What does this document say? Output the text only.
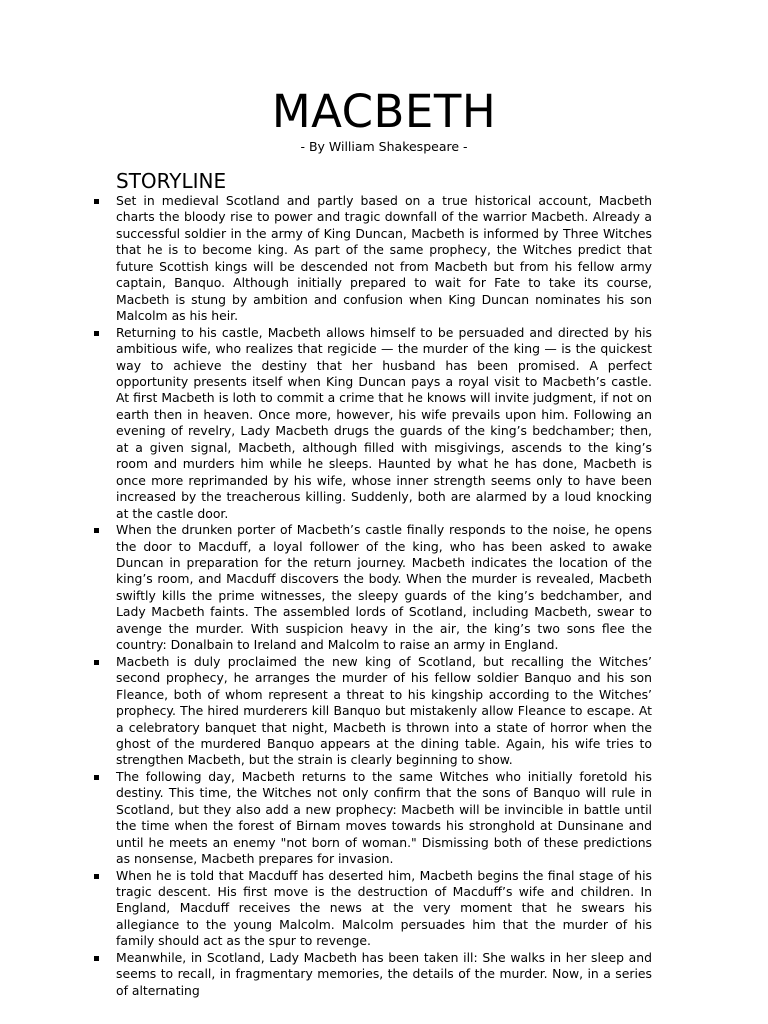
MACBETH

- By William Shakespeare -

STORYLINE
Set in medieval Scotland and partly based on a true historical account, Macbeth charts the bloody rise to power and tragic downfall of the warrior Macbeth. Already a successful soldier in the army of King Duncan, Macbeth is informed by Three Witches that he is to become king. As part of the same prophecy, the Witches predict that future Scottish kings will be descended not from Macbeth but from his fellow army captain, Banquo. Although initially prepared to wait for Fate to take its course, Macbeth is stung by ambition and confusion when King Duncan nominates his son Malcolm as his heir.
Returning to his castle, Macbeth allows himself to be persuaded and directed by his ambitious wife, who realizes that regicide — the murder of the king — is the quickest way to achieve the destiny that her husband has been promised. A perfect opportunity presents itself when King Duncan pays a royal visit to Macbeth’s castle. At first Macbeth is loth to commit a crime that he knows will invite judgment, if not on earth then in heaven. Once more, however, his wife prevails upon him. Following an evening of revelry, Lady Macbeth drugs the guards of the king’s bedchamber; then, at a given signal, Macbeth, although filled with misgivings, ascends to the king’s room and murders him while he sleeps. Haunted by what he has done, Macbeth is once more reprimanded by his wife, whose inner strength seems only to have been increased by the treacherous killing. Suddenly, both are alarmed by a loud knocking at the castle door.
When the drunken porter of Macbeth’s castle finally responds to the noise, he opens the door to Macduff, a loyal follower of the king, who has been asked to awake Duncan in preparation for the return journey. Macbeth indicates the location of the king’s room, and Macduff discovers the body. When the murder is revealed, Macbeth swiftly kills the prime witnesses, the sleepy guards of the king’s bedchamber, and Lady Macbeth faints. The assembled lords of Scotland, including Macbeth, swear to avenge the murder. With suspicion heavy in the air, the king’s two sons flee the country: Donalbain to Ireland and Malcolm to raise an army in England.
Macbeth is duly proclaimed the new king of Scotland, but recalling the Witches’ second prophecy, he arranges the murder of his fellow soldier Banquo and his son Fleance, both of whom represent a threat to his kingship according to the Witches’ prophecy. The hired murderers kill Banquo but mistakenly allow Fleance to escape. At a celebratory banquet that night, Macbeth is thrown into a state of horror when the ghost of the murdered Banquo appears at the dining table. Again, his wife tries to strengthen Macbeth, but the strain is clearly beginning to show.
The following day, Macbeth returns to the same Witches who initially foretold his destiny. This time, the Witches not only confirm that the sons of Banquo will rule in Scotland, but they also add a new prophecy: Macbeth will be invincible in battle until the time when the forest of Birnam moves towards his stronghold at Dunsinane and until he meets an enemy "not born of woman." Dismissing both of these predictions as nonsense, Macbeth prepares for invasion.
When he is told that Macduff has deserted him, Macbeth begins the final stage of his tragic descent. His first move is the destruction of Macduff’s wife and children. In England, Macduff receives the news at the very moment that he swears his allegiance to the young Malcolm. Malcolm persuades him that the murder of his family should act as the spur to revenge.
Meanwhile, in Scotland, Lady Macbeth has been taken ill: She walks in her sleep and seems to recall, in fragmentary memories, the details of the murder. Now, in a series of alternating
